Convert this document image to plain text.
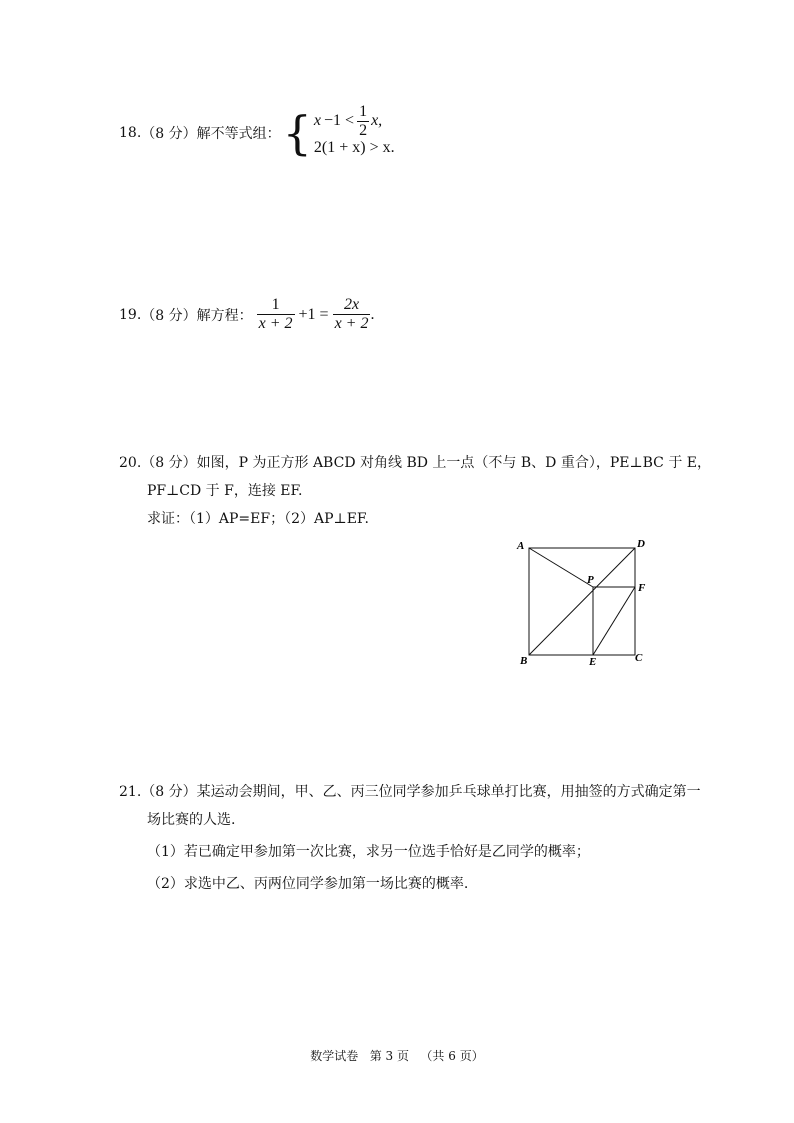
18. （8 分） 解不等式组： { $x -1 < \frac{1}{2} x$,
2(1 + x) > x.
19. （8 分） 解方程： $\frac{1}{x + 2} +1 = \frac{2x}{x + 2}$ .
20.（8 分）如图，P 为正方形 ABCD 对角线 BD 上一点（不与 B、D 重合），PE⊥BC 于 E，
PF⊥CD 于 F，连接 EF.
求证：（1）AP=EF；（2）AP⊥EF.
A	D
P
F
B	E	C
21.（8 分）某运动会期间，甲、乙、丙三位同学参加乒乓球单打比赛，用抽签的方式确定第一
场比赛的人选.
（1）若已确定甲参加第一次比赛，求另一位选手恰好是乙同学的概率；
（2）求选中乙、丙两位同学参加第一场比赛的概率.
数学试卷   第 3 页   （共 6 页）
